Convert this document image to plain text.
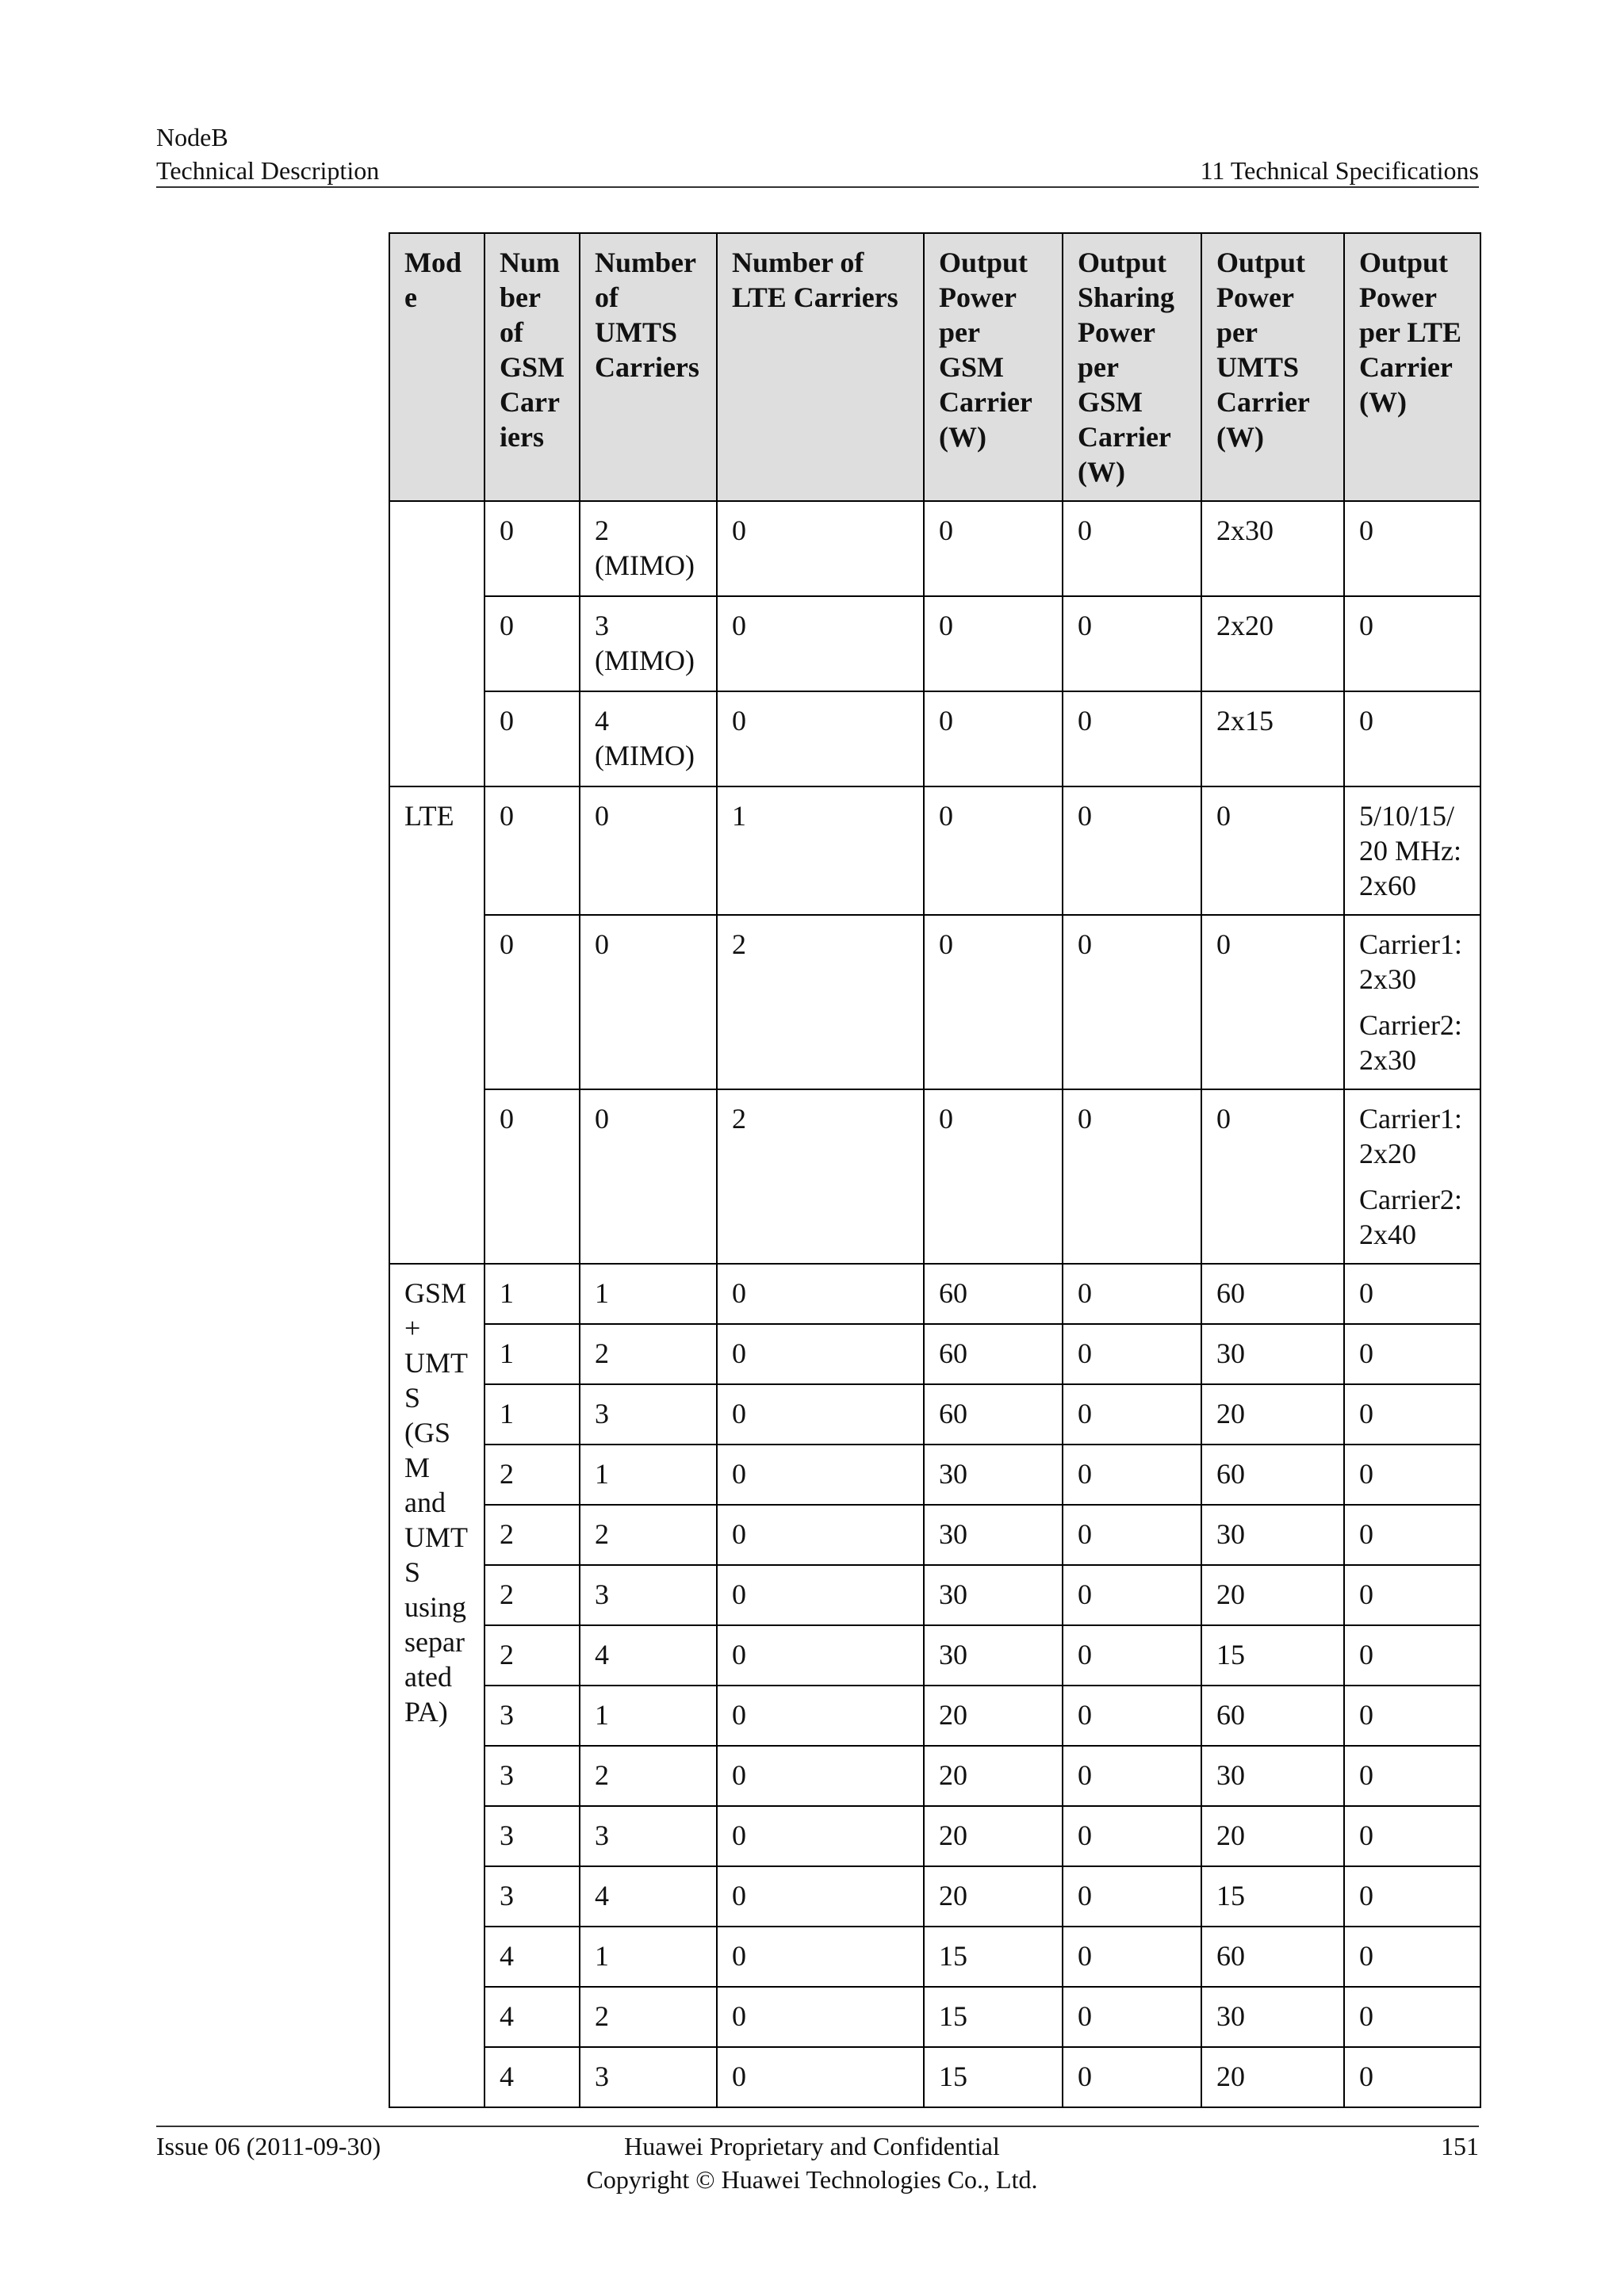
NodeB
Technical Description	11 Technical Specifications
Mode	Number of GSM Carriers	Number of UMTS Carriers	Number of LTE Carriers	Output Power per GSM Carrier (W)	Output Sharing Power per GSM Carrier (W)	Output Power per UMTS Carrier (W)	Output Power per LTE Carrier (W)
	0	2 (MIMO)	0	0	0	2x30	0
	0	3 (MIMO)	0	0	0	2x20	0
	0	4 (MIMO)	0	0	0	2x15	0
LTE	0	0	1	0	0	0	5/10/15/ 20 MHz: 2x60

	0	0	2	0	0	0	Carrier1: 2x30
Carrier2: 2x30

	0	0	2	0	0	0	Carrier1: 2x20
Carrier2: 2x40

GSM + UMTS (GSM and UMTS using separated PA)	1	1	0	60	0	60	0
	1	2	0	60	0	30	0
	1	3	0	60	0	20	0
	2	1	0	30	0	60	0
	2	2	0	30	0	30	0
	2	3	0	30	0	20	0
	2	4	0	30	0	15	0
	3	1	0	20	0	60	0
	3	2	0	20	0	30	0
	3	3	0	20	0	20	0
	3	4	0	20	0	15	0
	4	1	0	15	0	60	0
	4	2	0	15	0	30	0
	4	3	0	15	0	20	0
Issue 06 (2011-09-30)	Huawei Proprietary and Confidential
Copyright © Huawei Technologies Co., Ltd.
151
